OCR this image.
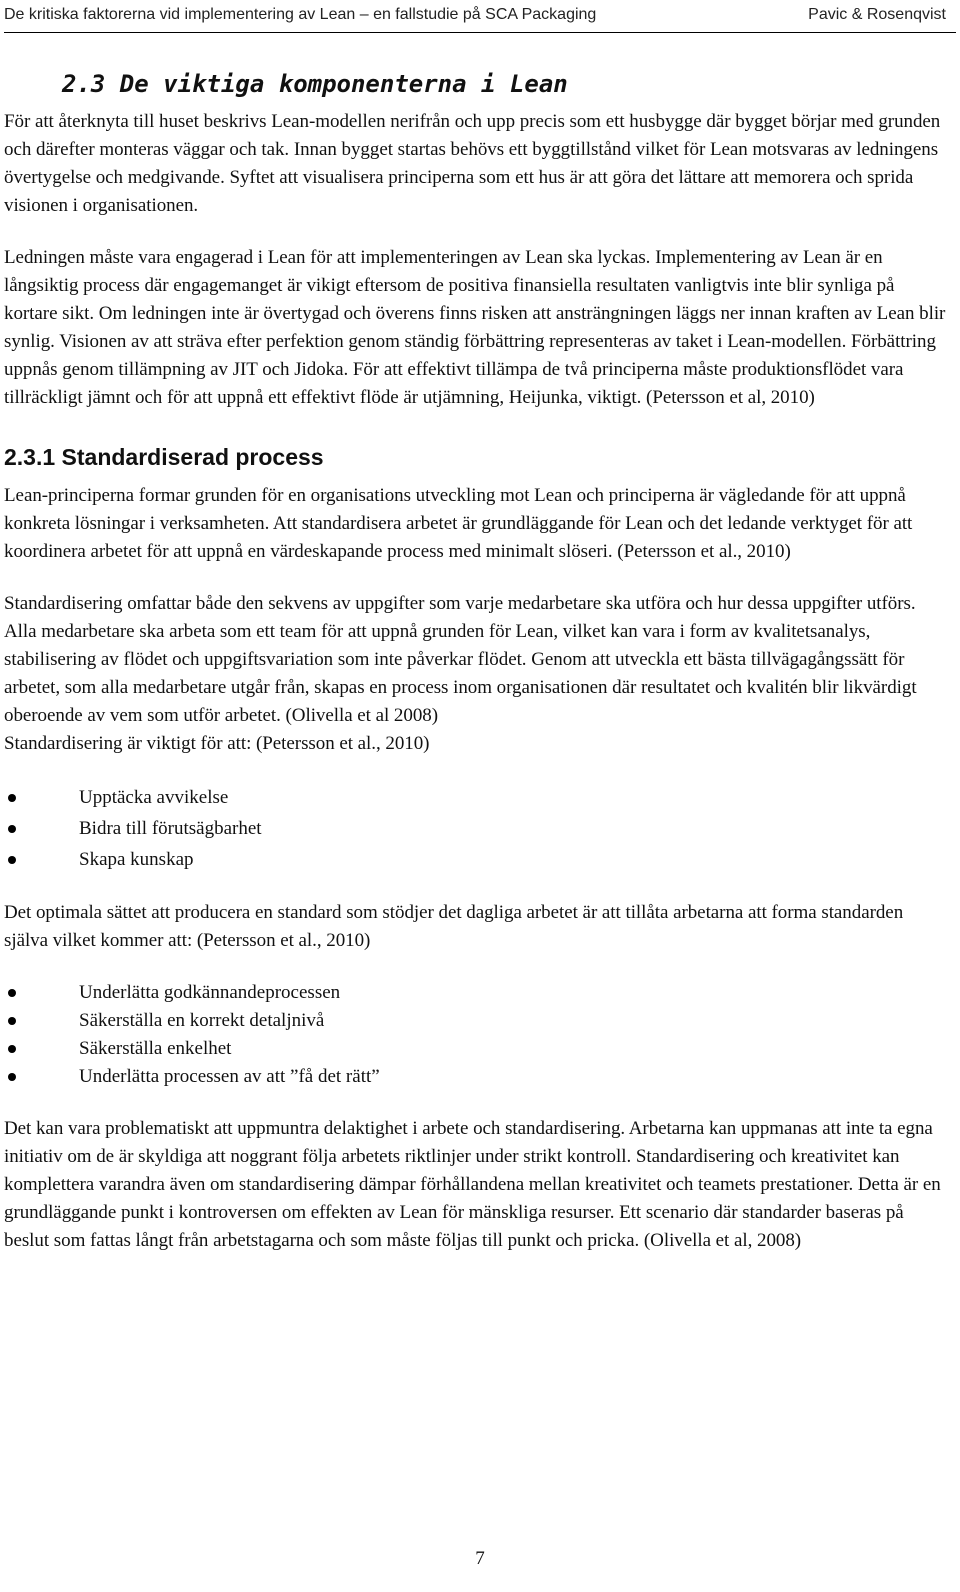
De kritiska faktorerna vid implementering av Lean – en fallstudie på SCA Packaging	Pavic & Rosenqvist
2.3 De viktiga komponenterna i Lean

För att återknyta till huset beskrivs Lean-modellen nerifrån och upp precis som ett husbygge där bygget börjar med grunden och därefter monteras väggar och tak. Innan bygget startas behövs ett byggtillstånd vilket för Lean motsvaras av ledningens övertygelse och medgivande. Syftet att visualisera principerna som ett hus är att göra det lättare att memorera och sprida visionen i organisationen.

Ledningen måste vara engagerad i Lean för att implementeringen av Lean ska lyckas. Implementering av Lean är en långsiktig process där engagemanget är vikigt eftersom de positiva finansiella resultaten vanligtvis inte blir synliga på kortare sikt. Om ledningen inte är övertygad och överens finns risken att ansträngningen läggs ner innan kraften av Lean blir synlig. Visionen av att sträva efter perfektion genom ständig förbättring representeras av taket i Lean-modellen. Förbättring uppnås genom tillämpning av JIT och Jidoka. För att effektivt tillämpa de två principerna måste produktionsflödet vara tillräckligt jämnt och för att uppnå ett effektivt flöde är utjämning, Heijunka, viktigt. (Petersson et al, 2010)

2.3.1 Standardiserad process

Lean-principerna formar grunden för en organisations utveckling mot Lean och principerna är vägledande för att uppnå konkreta lösningar i verksamheten. Att standardisera arbetet är grundläggande för Lean och det ledande verktyget för att koordinera arbetet för att uppnå en värdeskapande process med minimalt slöseri. (Petersson et al., 2010)

Standardisering omfattar både den sekvens av uppgifter som varje medarbetare ska utföra och hur dessa uppgifter utförs. Alla medarbetare ska arbeta som ett team för att uppnå grunden för Lean, vilket kan vara i form av kvalitetsanalys, stabilisering av flödet och uppgiftsvariation som inte påverkar flödet. Genom att utveckla ett bästa tillvägagångssätt för arbetet, som alla medarbetare utgår från, skapas en process inom organisationen där resultatet och kvalitén blir likvärdigt oberoende av vem som utför arbetet. (Olivella et al 2008)

Standardisering är viktigt för att: (Petersson et al., 2010)

Upptäcka avvikelse
Bidra till förutsägbarhet
Skapa kunskap

Det optimala sättet att producera en standard som stödjer det dagliga arbetet är att tillåta arbetarna att forma standarden själva vilket kommer att: (Petersson et al., 2010)

Underlätta godkännandeprocessen
Säkerställa en korrekt detaljnivå
Säkerställa enkelhet
Underlätta processen av att ”få det rätt”

Det kan vara problematiskt att uppmuntra delaktighet i arbete och standardisering. Arbetarna kan uppmanas att inte ta egna initiativ om de är skyldiga att noggrant följa arbetets riktlinjer under strikt kontroll. Standardisering och kreativitet kan komplettera varandra även om standardisering dämpar förhållandena mellan kreativitet och teamets prestationer. Detta är en grundläggande punkt i kontroversen om effekten av Lean för mänskliga resurser. Ett scenario där standarder baseras på beslut som fattas långt från arbetstagarna och som måste följas till punkt och pricka. (Olivella et al, 2008)

7
